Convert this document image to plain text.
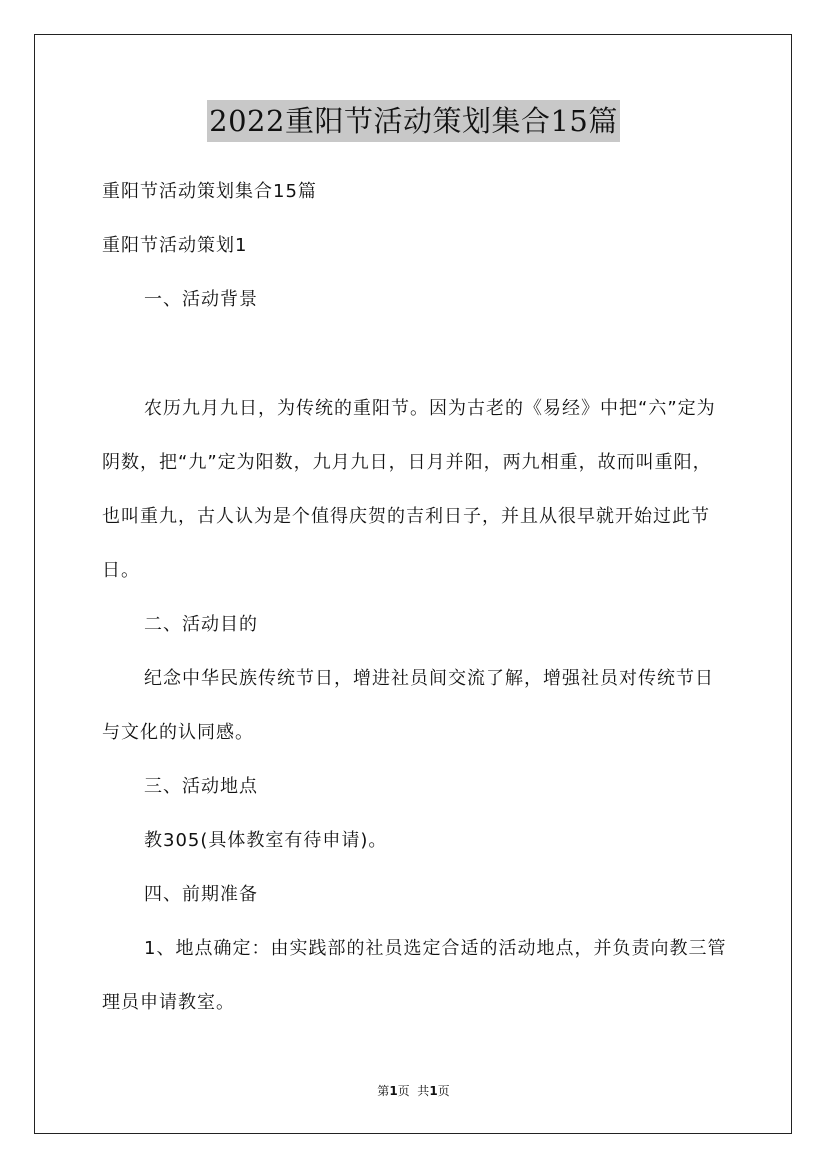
2022重阳节活动策划集合15篇

重阳节活动策划集合15篇

重阳节活动策划1

一、活动背景

农历九月九日，为传统的重阳节。因为古老的《易经》中把“六”定为阴数，把“九”定为阳数，九月九日，日月并阳，两九相重，故而叫重阳，也叫重九，古人认为是个值得庆贺的吉利日子，并且从很早就开始过此节日。

二、活动目的

纪念中华民族传统节日，增进社员间交流了解，增强社员对传统节日与文化的认同感。

三、活动地点

教305(具体教室有待申请)。

四、前期准备

1、地点确定：由实践部的社员选定合适的活动地点，并负责向教三管理员申请教室。

第1页  共1页
